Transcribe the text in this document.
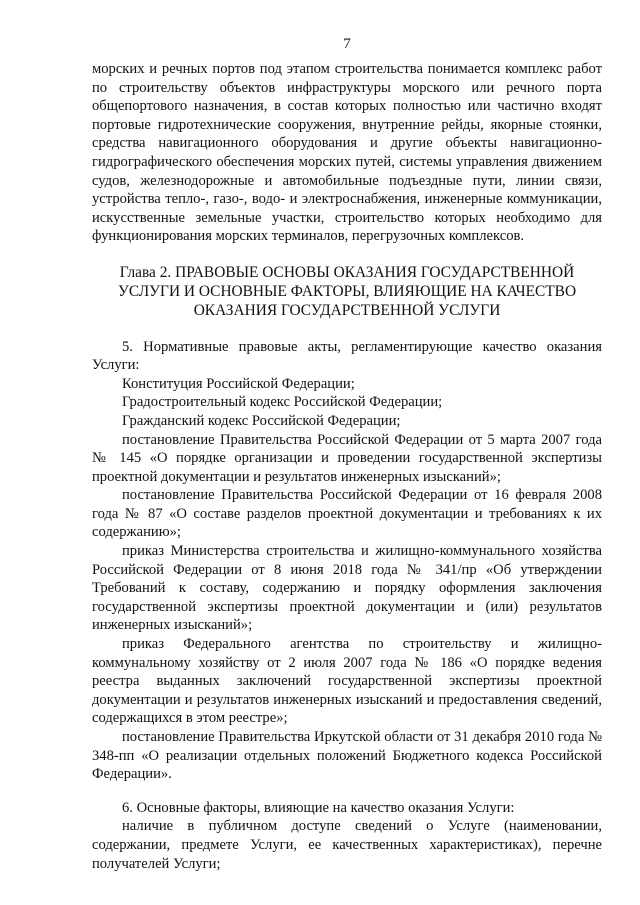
7

морских и речных портов под этапом строительства понимается комплекс работ по строительству объектов инфраструктуры морского или речного порта общепортового назначения, в состав которых полностью или частично входят портовые гидротехнические сооружения, внутренние рейды, якорные стоянки, средства навигационного оборудования и другие объекты навигационно-гидрографического обеспечения морских путей, системы управления движением судов, железнодорожные и автомобильные подъездные пути, линии связи, устройства тепло-, газо-, водо- и электроснабжения, инженерные коммуникации, искусственные земельные участки, строительство которых необходимо для функционирования морских терминалов, перегрузочных комплексов.

Глава 2. ПРАВОВЫЕ ОСНОВЫ ОКАЗАНИЯ ГОСУДАРСТВЕННОЙ
УСЛУГИ И ОСНОВНЫЕ ФАКТОРЫ, ВЛИЯЮЩИЕ НА КАЧЕСТВО
ОКАЗАНИЯ ГОСУДАРСТВЕННОЙ УСЛУГИ

5. Нормативные правовые акты, регламентирующие качество оказания Услуги:

Конституция Российской Федерации;

Градостроительный кодекс Российской Федерации;

Гражданский кодекс Российской Федерации;

постановление Правительства Российской Федерации от 5 марта 2007 года № 145 «О порядке организации и проведении государственной экспертизы проектной документации и результатов инженерных изысканий»;

постановление Правительства Российской Федерации от 16 февраля 2008 года № 87 «О составе разделов проектной документации и требованиях к их содержанию»;

приказ Министерства строительства и жилищно-коммунального хозяйства Российской Федерации от 8 июня 2018 года № 341/пр «Об утверждении Требований к составу, содержанию и порядку оформления заключения государственной экспертизы проектной документации и (или) результатов инженерных изысканий»;

приказ Федерального агентства по строительству и жилищно-коммунальному хозяйству от 2 июля 2007 года № 186 «О порядке ведения реестра выданных заключений государственной экспертизы проектной документации и результатов инженерных изысканий и предоставления сведений, содержащихся в этом реестре»;

постановление Правительства Иркутской области от 31 декабря 2010 года № 348-пп «О реализации отдельных положений Бюджетного кодекса Российской Федерации».

6. Основные факторы, влияющие на качество оказания Услуги:

наличие в публичном доступе сведений о Услуге (наименовании, содержании, предмете Услуги, ее качественных характеристиках), перечне получателей Услуги;
